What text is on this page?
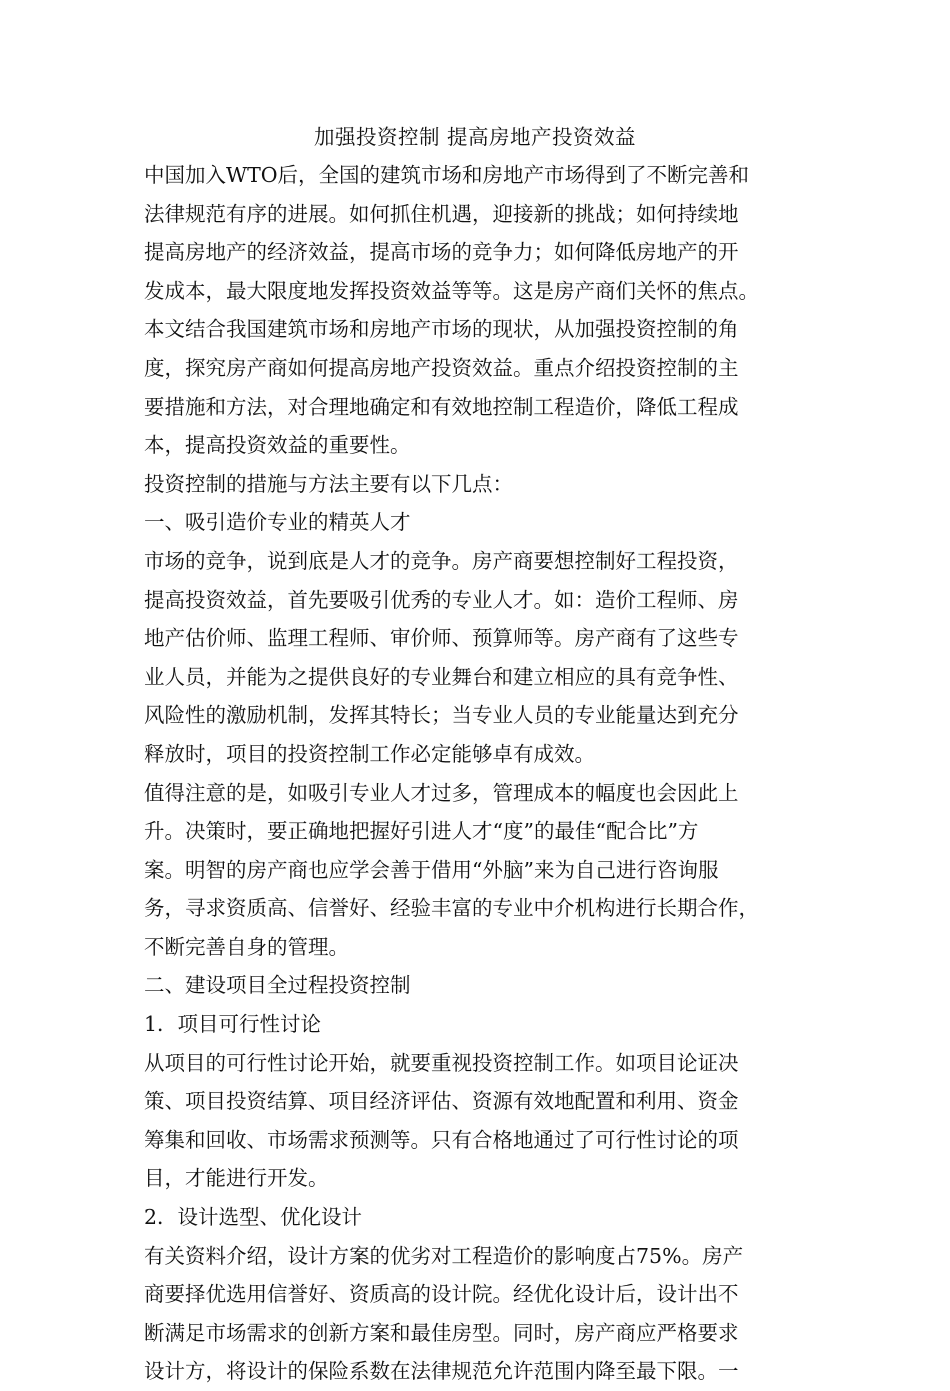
加强投资控制 提高房地产投资效益

中国加入WTO后，全国的建筑市场和房地产市场得到了不断完善和

法律规范有序的进展。如何抓住机遇，迎接新的挑战；如何持续地

提高房地产的经济效益，提高市场的竞争力；如何降低房地产的开

发成本，最大限度地发挥投资效益等等。这是房产商们关怀的焦点。

本文结合我国建筑市场和房地产市场的现状，从加强投资控制的角

度，探究房产商如何提高房地产投资效益。重点介绍投资控制的主

要措施和方法，对合理地确定和有效地控制工程造价，降低工程成

本，提高投资效益的重要性。

投资控制的措施与方法主要有以下几点：

一、吸引造价专业的精英人才

市场的竞争，说到底是人才的竞争。房产商要想控制好工程投资，

提高投资效益，首先要吸引优秀的专业人才。如：造价工程师、房

地产估价师、监理工程师、审价师、预算师等。房产商有了这些专

业人员，并能为之提供良好的专业舞台和建立相应的具有竞争性、

风险性的激励机制，发挥其特长；当专业人员的专业能量达到充分

释放时，项目的投资控制工作必定能够卓有成效。

值得注意的是，如吸引专业人才过多，管理成本的幅度也会因此上

升。决策时，要正确地把握好引进人才“度”的最佳“配合比”方

案。明智的房产商也应学会善于借用“外脑”来为自己进行咨询服

务，寻求资质高、信誉好、经验丰富的专业中介机构进行长期合作，

不断完善自身的管理。

二、建设项目全过程投资控制

1．项目可行性讨论

从项目的可行性讨论开始，就要重视投资控制工作。如项目论证决

策、项目投资结算、项目经济评估、资源有效地配置和利用、资金

筹集和回收、市场需求预测等。只有合格地通过了可行性讨论的项

目，才能进行开发。

2．设计选型、优化设计

有关资料介绍，设计方案的优劣对工程造价的影响度占75%。房产

商要择优选用信誉好、资质高的设计院。经优化设计后，设计出不

断满足市场需求的创新方案和最佳房型。同时，房产商应严格要求

设计方，将设计的保险系数在法律规范允许范围内降至最下限。一
